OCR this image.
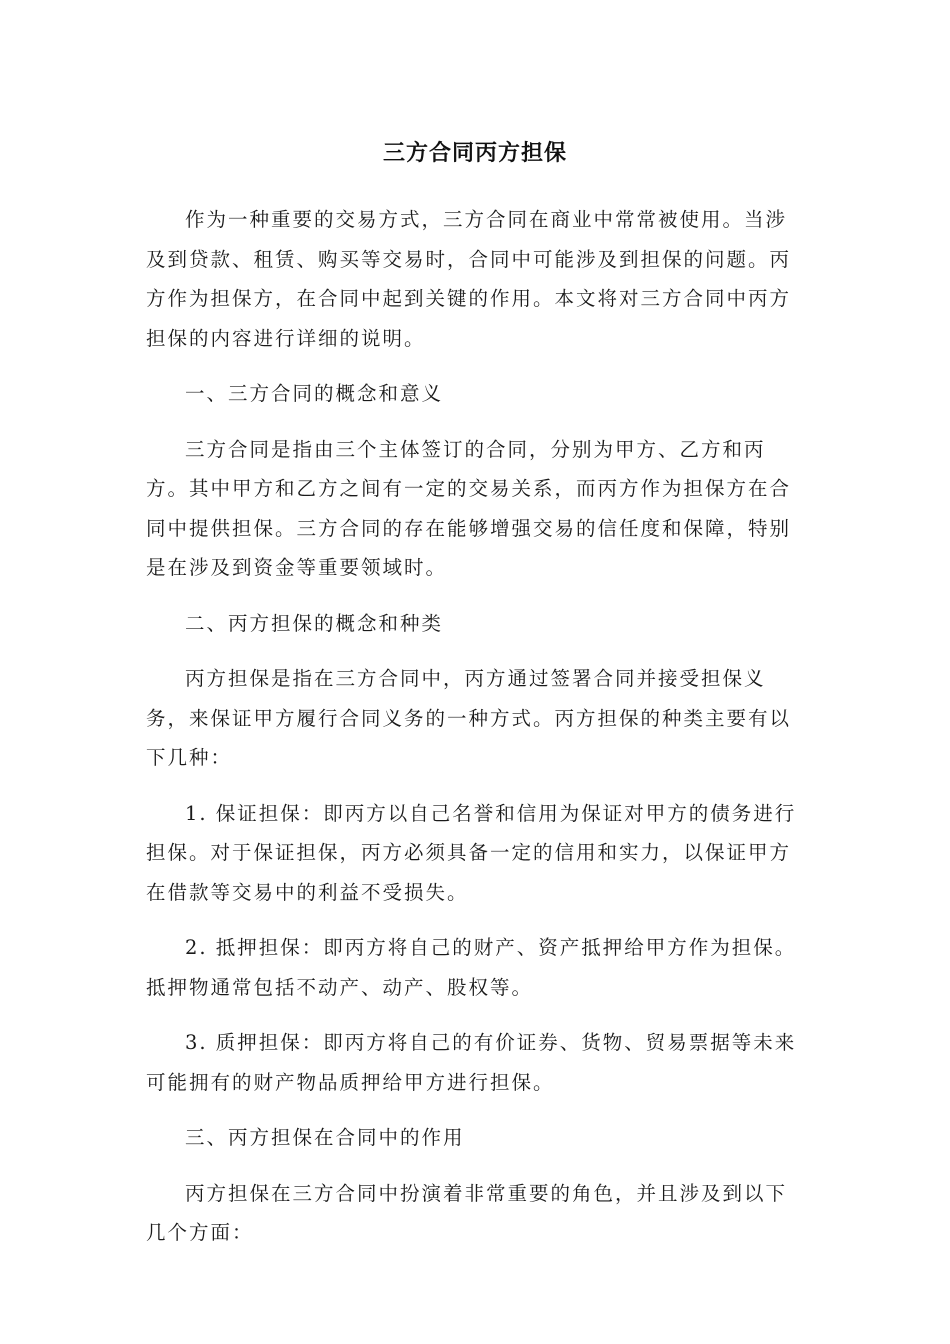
三方合同丙方担保

作为一种重要的交易方式，三方合同在商业中常常被使用。当涉及到贷款、租赁、购买等交易时，合同中可能涉及到担保的问题。丙方作为担保方，在合同中起到关键的作用。本文将对三方合同中丙方担保的内容进行详细的说明。

一、三方合同的概念和意义

三方合同是指由三个主体签订的合同，分别为甲方、乙方和丙方。其中甲方和乙方之间有一定的交易关系，而丙方作为担保方在合同中提供担保。三方合同的存在能够增强交易的信任度和保障，特别是在涉及到资金等重要领域时。

二、丙方担保的概念和种类

丙方担保是指在三方合同中，丙方通过签署合同并接受担保义务，来保证甲方履行合同义务的一种方式。丙方担保的种类主要有以下几种：

1. 保证担保：即丙方以自己名誉和信用为保证对甲方的债务进行担保。对于保证担保，丙方必须具备一定的信用和实力，以保证甲方在借款等交易中的利益不受损失。

2. 抵押担保：即丙方将自己的财产、资产抵押给甲方作为担保。抵押物通常包括不动产、动产、股权等。

3. 质押担保：即丙方将自己的有价证券、货物、贸易票据等未来可能拥有的财产物品质押给甲方进行担保。

三、丙方担保在合同中的作用

丙方担保在三方合同中扮演着非常重要的角色，并且涉及到以下几个方面：
